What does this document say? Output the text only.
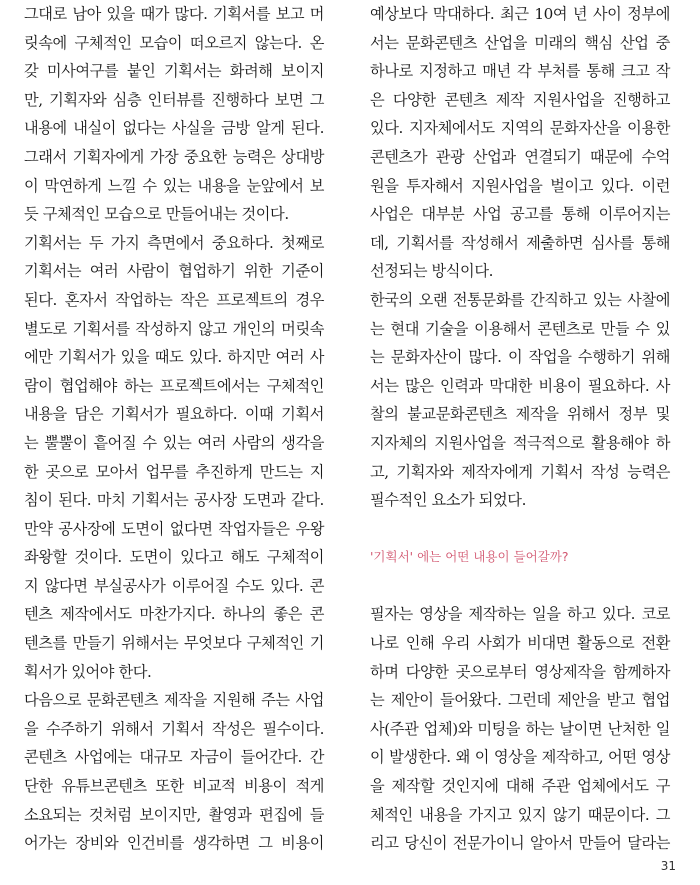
그대로 남아 있을 때가 많다. 기획서를 보고 머
릿속에 구체적인 모습이 떠오르지 않는다. 온
갖 미사여구를 붙인 기획서는 화려해 보이지
만, 기획자와 심층 인터뷰를 진행하다 보면 그
내용에 내실이 없다는 사실을 금방 알게 된다.
그래서 기획자에게 가장 중요한 능력은 상대방
이 막연하게 느낄 수 있는 내용을 눈앞에서 보
듯 구체적인 모습으로 만들어내는 것이다.
기획서는 두 가지 측면에서 중요하다. 첫째로
기획서는 여러 사람이 협업하기 위한 기준이
된다. 혼자서 작업하는 작은 프로젝트의 경우
별도로 기획서를 작성하지 않고 개인의 머릿속
에만 기획서가 있을 때도 있다. 하지만 여러 사
람이 협업해야 하는 프로젝트에서는 구체적인
내용을 담은 기획서가 필요하다. 이때 기획서
는 뿔뿔이 흩어질 수 있는 여러 사람의 생각을
한 곳으로 모아서 업무를 추진하게 만드는 지
침이 된다. 마치 기획서는 공사장 도면과 같다.
만약 공사장에 도면이 없다면 작업자들은 우왕
좌왕할 것이다. 도면이 있다고 해도 구체적이
지 않다면 부실공사가 이루어질 수도 있다. 콘
텐츠 제작에서도 마찬가지다. 하나의 좋은 콘
텐츠를 만들기 위해서는 무엇보다 구체적인 기
획서가 있어야 한다.
다음으로 문화콘텐츠 제작을 지원해 주는 사업
을 수주하기 위해서 기획서 작성은 필수이다.
콘텐츠 사업에는 대규모 자금이 들어간다. 간
단한 유튜브콘텐츠 또한 비교적 비용이 적게
소요되는 것처럼 보이지만, 촬영과 편집에 들
어가는 장비와 인건비를 생각하면 그 비용이
예상보다 막대하다. 최근 10여 년 사이 정부에
서는 문화콘텐츠 산업을 미래의 핵심 산업 중
하나로 지정하고 매년 각 부처를 통해 크고 작
은 다양한 콘텐츠 제작 지원사업을 진행하고
있다. 지자체에서도 지역의 문화자산을 이용한
콘텐츠가 관광 산업과 연결되기 때문에 수억
원을 투자해서 지원사업을 벌이고 있다. 이런
사업은 대부분 사업 공고를 통해 이루어지는
데, 기획서를 작성해서 제출하면 심사를 통해
선정되는 방식이다.
한국의 오랜 전통문화를 간직하고 있는 사찰에
는 현대 기술을 이용해서 콘텐츠로 만들 수 있
는 문화자산이 많다. 이 작업을 수행하기 위해
서는 많은 인력과 막대한 비용이 필요하다. 사
찰의 불교문화콘텐츠 제작을 위해서 정부 및
지자체의 지원사업을 적극적으로 활용해야 하
고, 기획자와 제작자에게 기획서 작성 능력은
필수적인 요소가 되었다.
'기획서' 에는 어떤 내용이 들어갈까?
필자는 영상을 제작하는 일을 하고 있다. 코로
나로 인해 우리 사회가 비대면 활동으로 전환
하며 다양한 곳으로부터 영상제작을 함께하자
는 제안이 들어왔다. 그런데 제안을 받고 협업
사(주관 업체)와 미팅을 하는 날이면 난처한 일
이 발생한다. 왜 이 영상을 제작하고, 어떤 영상
을 제작할 것인지에 대해 주관 업체에서도 구
체적인 내용을 가지고 있지 않기 때문이다. 그
리고 당신이 전문가이니 알아서 만들어 달라는
31
